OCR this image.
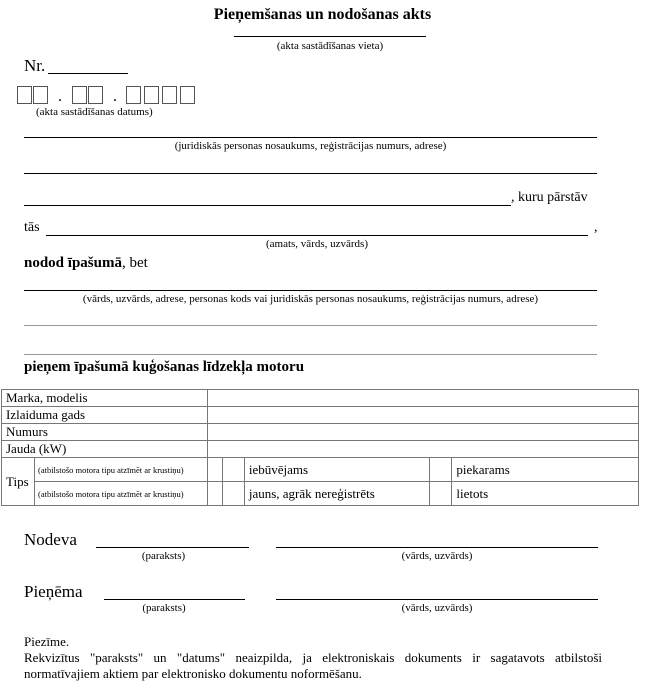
Pieņemšanas un nodošanas akts
(akta sastādīšanas vieta)
Nr.
.	.
(akta sastādīšanas datums)
(juridiskās personas nosaukums, reģistrācijas numurs, adrese)
, kuru pārstāv
tās	,
(amats, vārds, uzvārds)
nodod īpašumā, bet
(vārds, uzvārds, adrese, personas kods vai juridiskās personas nosaukums, reģistrācijas numurs, adrese)
pieņem īpašumā kuģošanas līdzekļa motoru
Marka, modelis						
Izlaiduma gads						
Numurs						
Jauda (kW)						
Tips	(atbilstošo motora tipu atzīmēt ar krustiņu)			iebūvējams		piekarams
	(atbilstošo motora tipu atzīmēt ar krustiņu)			jauns, agrāk nereģistrēts		lietots
Nodeva
(paraksts)	(vārds, uzvārds)
Pieņēma
(paraksts)	(vārds, uzvārds)
Piezīme.
Rekvizītus "paraksts" un "datums" neaizpilda, ja elektroniskais dokuments ir sagatavots atbilstoši normatīvajiem aktiem par elektronisko dokumentu noformēšanu.
